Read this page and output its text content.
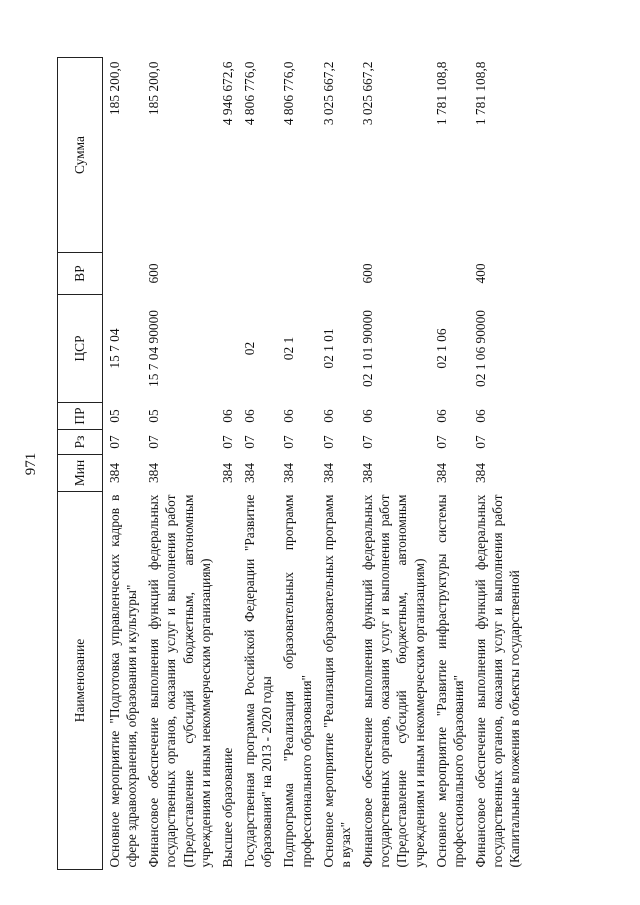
971
Наименование	Мин	Рз	ПР	ЦСР	ВР	Сумма
Основное мероприятие "Подготовка управленческих кадров в сфере здравоохранения, образования и культуры"	384	07	05	15 7 04		185 200,0
Финансовое обеспечение выполнения функций федеральных государственных органов, оказания услуг и выполнения работ (Предоставление субсидий бюджетным, автономным учреждениям и иным некоммерческим организациям)	384	07	05	15 7 04 90000	600	185 200,0
Высшее образование	384	07	06			4 946 672,6
Государственная программа Российской Федерации "Развитие образования" на 2013 - 2020 годы	384	07	06	02		4 806 776,0
Подпрограмма "Реализация образовательных программ профессионального образования"	384	07	06	02 1		4 806 776,0
Основное мероприятие "Реализация образовательных программ в вузах"	384	07	06	02 1 01		3 025 667,2
Финансовое обеспечение выполнения функций федеральных государственных органов, оказания услуг и выполнения работ (Предоставление субсидий бюджетным, автономным учреждениям и иным некоммерческим организациям)	384	07	06	02 1 01 90000	600	3 025 667,2
Основное мероприятие "Развитие инфраструктуры системы профессионального образования"	384	07	06	02 1 06		1 781 108,8
Финансовое обеспечение выполнения функций федеральных государственных органов, оказания услуг и выполнения работ (Капитальные вложения в объекты государственной	384	07	06	02 1 06 90000	400	1 781 108,8
